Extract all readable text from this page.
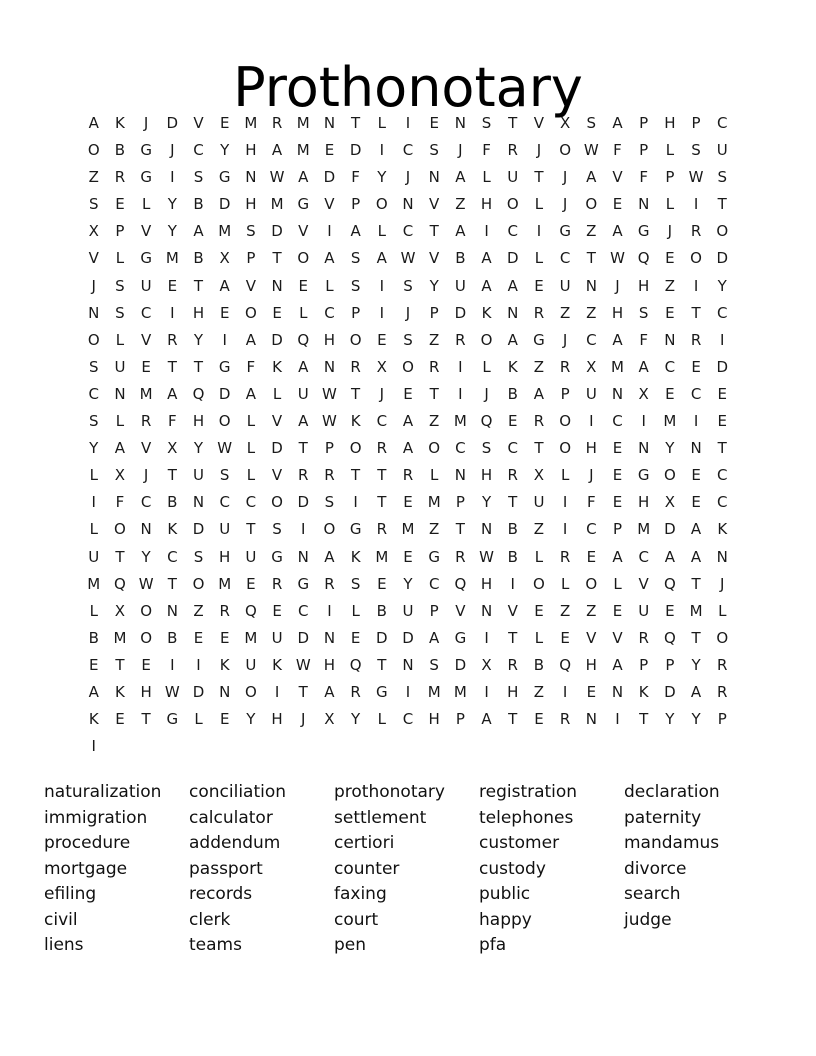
Prothonotary
A	K	J	D	V	E M R M N	T	L	I	E	N	S	T	V	X	S	A	P	H	P	C
O	B	G	J	C	Y	H	A M E	D	I	C	S	J	F	R	J	O W F	P	L	S	U
Z	R	G	I	S	G N W A	D	F	Y	J	N	A	L	U	T	J	A	V	F	P W S
S	E	L	Y	B	D H M G	V	P	O N	V	Z	H O	L	J	O	E	N	L	I	T
X	P	V	Y	A M S	D	V	I	A	L	C	T	A	I	C	I	G	Z	A	G	J	R	O
V	L	G M B	X	P	T	O	A	S	A W V	B	A	D	L	C	T W Q	E	O D
J	S	U	E	T	A	V	N	E	L	S	I	S	Y	U	A	A	E	U	N	J	H	Z	I	Y
N	S	C	I	H	E	O	E	L	C	P	I	J	P	D	K	N	R	Z	Z	H	S	E	T	C
O	L	V	R	Y	I	A	D Q H O	E	S	Z	R	O	A	G	J	C	A	F	N	R	I
S	U	E	T	T	G	F	K	A	N	R	X	O	R	I	L	K	Z	R	X M A	C	E	D
C	N M A	Q D	A	L	U W T	J	E	T	I	J	B	A	P	U	N	X	E	C	E
S	L	R	F	H O	L	V	A W K	C	A	Z M Q	E	R	O	I	C	I	M	I	E
Y	A	V	X	Y W L	D	T	P	O	R	A	O	C	S	C	T	O H	E	N	Y	N	T
L	X	J	T	U	S	L	V	R	R	T	T	R	L	N H	R	X	L	J	E	G O	E	C
I	F	C	B	N	C	C	O D	S	I	T	E M	P	Y	T	U	I	F	E	H	X	E	C
L	O N	K	D U	T	S	I	O G	R M Z	T	N	B	Z	I	C	P	M D	A	K
U	T	Y	C	S	H	U G N	A	K M E	G	R W B	L	R	E	A	C	A	A	N
M Q W T	O M E	R	G	R	S	E	Y	C	Q H	I	O	L	O	L	V	Q	T	J
L	X	O N	Z	R	Q	E	C	I	L	B	U	P	V	N	V	E	Z	Z	E	U	E M	L
B M O	B	E	E M U D N	E	D D	A	G	I	T	L	E	V	V	R	Q	T	O
E	T	E	I	I	K	U	K W H Q	T	N	S	D	X	R	B	Q H	A	P	P	Y	R
A	K	H W D N O	I	T	A	R	G	I	M M	I	H	Z	I	E	N	K	D	A	R
K	E	T	G	L	E	Y	H	J	X	Y	L	C	H	P	A	T	E	R	N	I	T	Y	Y	P
I
naturalization
immigration
procedure
mortgage
efiling
civil
liens
conciliation
calculator
addendum
passport
records
clerk
teams
prothonotary
settlement
certiori
counter
faxing
court
pen
registration
telephones
customer
custody
public
happy
pfa
declaration
paternity
mandamus
divorce
search
judge
